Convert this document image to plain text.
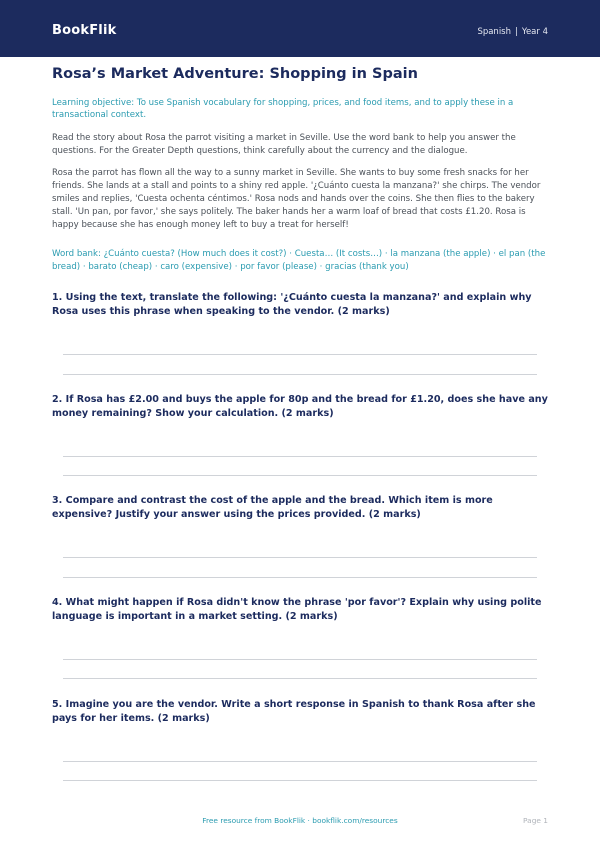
BookFlik	Spanish | Year 4
Rosa’s Market Adventure: Shopping in Spain

Learning objective: To use Spanish vocabulary for shopping, prices, and food items, and to apply these in a transactional context.

Read the story about Rosa the parrot visiting a market in Seville. Use the word bank to help you answer the questions. For the Greater Depth questions, think carefully about the currency and the dialogue.

Rosa the parrot has flown all the way to a sunny market in Seville. She wants to buy some fresh snacks for her friends. She lands at a stall and points to a shiny red apple. '¿Cuánto cuesta la manzana?' she chirps. The vendor smiles and replies, 'Cuesta ochenta céntimos.' Rosa nods and hands over the coins. She then flies to the bakery stall. 'Un pan, por favor,' she says politely. The baker hands her a warm loaf of bread that costs £1.20. Rosa is happy because she has enough money left to buy a treat for herself!

Word bank: ¿Cuánto cuesta? (How much does it cost?) · Cuesta… (It costs…) · la manzana (the apple) · el pan (the bread) · barato (cheap) · caro (expensive) · por favor (please) · gracias (thank you)

1. Using the text, translate the following: '¿Cuánto cuesta la manzana?' and explain why Rosa uses this phrase when speaking to the vendor. (2 marks)

2. If Rosa has £2.00 and buys the apple for 80p and the bread for £1.20, does she have any money remaining? Show your calculation. (2 marks)

3. Compare and contrast the cost of the apple and the bread. Which item is more expensive? Justify your answer using the prices provided. (2 marks)

4. What might happen if Rosa didn't know the phrase 'por favor'? Explain why using polite language is important in a market setting. (2 marks)

5. Imagine you are the vendor. Write a short response in Spanish to thank Rosa after she pays for her items. (2 marks)

Free resource from BookFlik · bookflik.com/resources	Page 1
